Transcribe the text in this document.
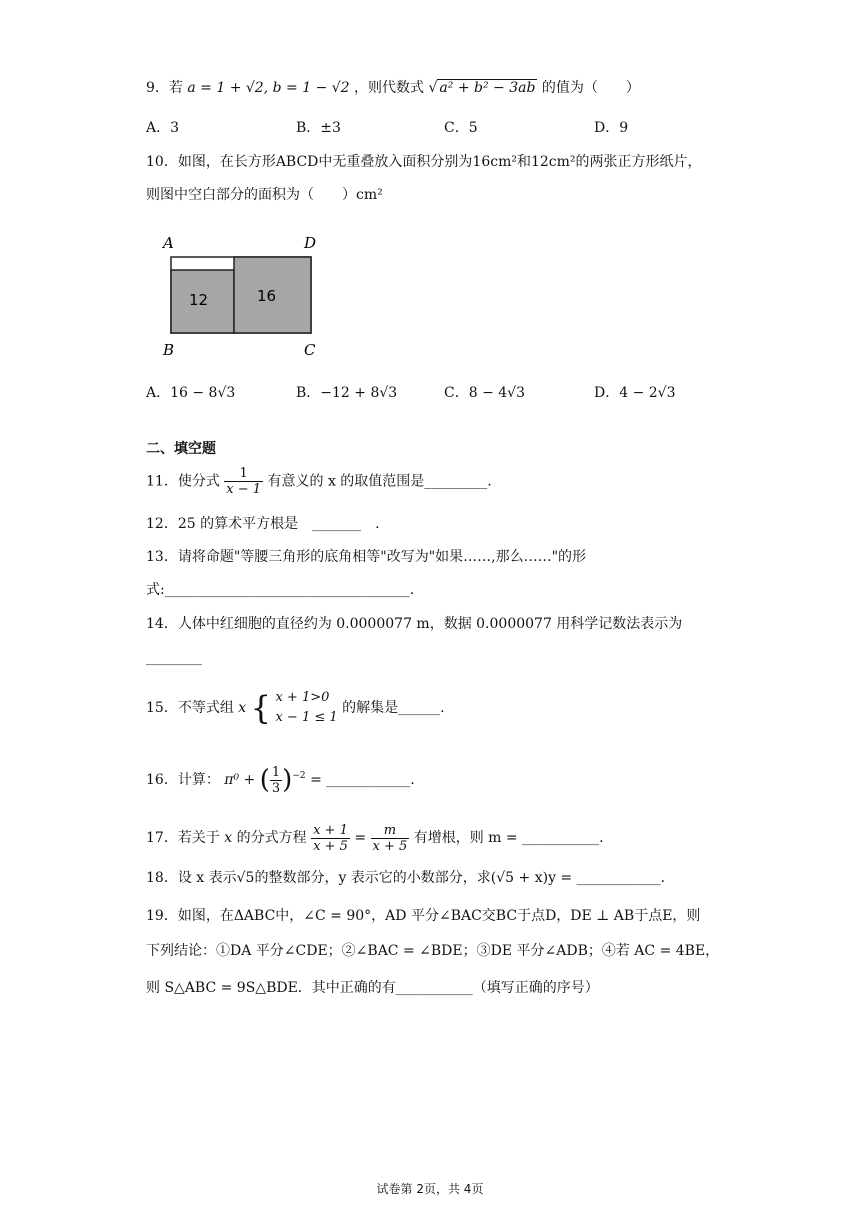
9．若 a = 1 + √2, b = 1 − √2 ，则代数式 √ a² + b² − 3ab 的值为（　　）
A．3	B．±3	C．5	D．9
10．如图，在长方形ABCD中无重叠放入面积分别为16cm²和12cm²的两张正方形纸片，
则图中空白部分的面积为（　　）cm²
A	D
B	C
12	16
A．16 − 8√3	B．−12 + 8√3	C．8 − 4√3	D．4 − 2√3
二、填空题
11．使分式 $\frac{1}{x - 1}$ 有意义的 x 的取值范围是_________.
12．25 的算术平方根是　_______　.
13．请将命题"等腰三角形的底角相等"改写为"如果……,那么……"的形
式:___________________________________.
14．人体中红细胞的直径约为 0.0000077 m，数据 0.0000077 用科学记数法表示为
________
15．不等式组 x { x + 1>0
x − 1 ≤ 1
的解集是______.
16．计算： π⁰ + ( $\frac{1}{3} )^{-2}$ = ____________.
17．若关于 x 的分式方程 $\frac{x + 1}{x + 5} = \frac{m}{x + 5}$ 有增根，则 m = ___________.
18．设 x 表示√5的整数部分，y 表示它的小数部分，求(√5 + x)y = ____________.
19．如图，在ΔABC中，∠C = 90°，AD 平分∠BAC交BC于点D，DE ⊥ AB于点E，则
下列结论：①DA 平分∠CDE；②∠BAC = ∠BDE；③DE 平分∠ADB；④若 AC = 4BE，
则 S△ABC = 9S△BDE．其中正确的有___________（填写正确的序号）
试卷第 2页，共 4页
